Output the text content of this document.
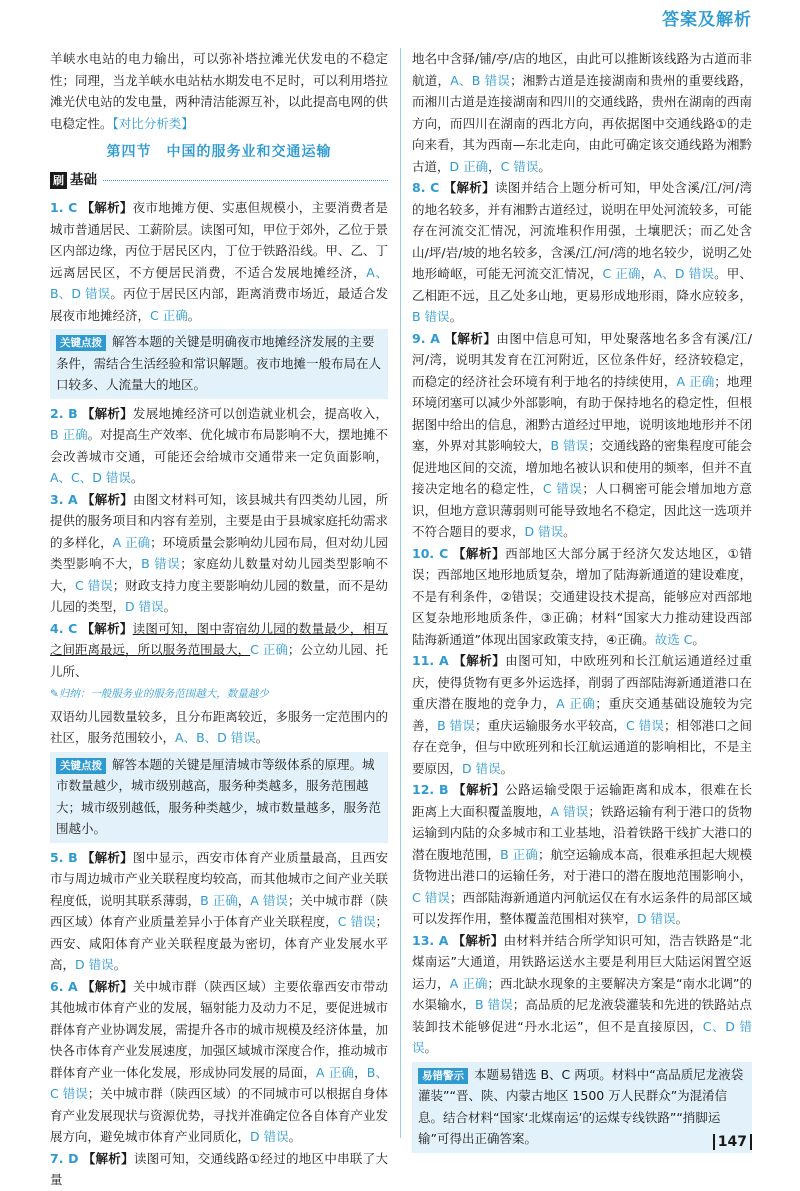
答案及解析

羊峡水电站的电力输出，可以弥补塔拉滩光伏发电的不稳定性；同理，当龙羊峡水电站枯水期发电不足时，可以利用塔拉滩光伏电站的发电量，两种清洁能源互补，以此提高电网的供电稳定性。【对比分析类】

第四节　中国的服务业和交通运输
刷 基础

1. C 【解析】夜市地摊方便、实惠但规模小，主要消费者是城市普通居民、工薪阶层。读图可知，甲位于郊外，乙位于景区内部边缘，丙位于居民区内，丁位于铁路沿线。甲、乙、丁远离居民区，不方便居民消费，不适合发展地摊经济，A、B、D 错误。丙位于居民区内部，距离消费市场近，最适合发展夜市地摊经济，C 正确。

关键点拨 解答本题的关键是明确夜市地摊经济发展的主要条件，需结合生活经验和常识解题。夜市地摊一般布局在人口较多、人流量大的地区。

2. B 【解析】发展地摊经济可以创造就业机会，提高收入，B 正确。对提高生产效率、优化城市布局影响不大，摆地摊不会改善城市交通，可能还会给城市交通带来一定负面影响，A、C、D 错误。

3. A 【解析】由图文材料可知，该县城共有四类幼儿园，所提供的服务项目和内容有差别，主要是由于县城家庭托幼需求的多样化，A 正确；环境质量会影响幼儿园布局，但对幼儿园类型影响不大，B 错误；家庭幼儿数量对幼儿园类型影响不大，C 错误；财政支持力度主要影响幼儿园的数量，而不是幼儿园的类型，D 错误。

4. C 【解析】读图可知，图中寄宿幼儿园的数量最少，相互之间距离最远，所以服务范围最大，C 正确；公立幼儿园、托儿所、
✎归纳：一般服务业的服务范围越大，数量越少
双语幼儿园数量较多，且分布距离较近，多服务一定范围内的社区，服务范围较小，A、B、D 错误。

关键点拨 解答本题的关键是厘清城市等级体系的原理。城市数量越少，城市级别越高，服务种类越多，服务范围越大；城市级别越低，服务种类越少，城市数量越多，服务范围越小。

5. B 【解析】图中显示，西安市体育产业质量最高，且西安市与周边城市产业关联程度均较高，而其他城市之间产业关联程度低，说明其联系薄弱，B 正确，A 错误；关中城市群（陕西区域）体育产业质量差异小于体育产业关联程度，C 错误；西安、咸阳体育产业关联程度最为密切，体育产业发展水平高，D 错误。

6. A 【解析】关中城市群（陕西区域）主要依靠西安市带动其他城市体育产业的发展，辐射能力及动力不足，要促进城市群体育产业协调发展，需提升各市的城市规模及经济体量，加快各市体育产业发展速度，加强区域城市深度合作，推动城市群体育产业一体化发展，形成协同发展的局面，A 正确，B、C 错误；关中城市群（陕西区域）的不同城市可以根据自身体育产业发展现状与资源优势，寻找并准确定位各自体育产业发展方向，避免城市体育产业同质化，D 错误。

7. D 【解析】读图可知，交通线路①经过的地区中串联了大量

地名中含驿/铺/亭/店的地区，由此可以推断该线路为古道而非航道，A、B 错误；湘黔古道是连接湖南和贵州的重要线路，而湘川古道是连接湖南和四川的交通线路，贵州在湖南的西南方向，而四川在湖南的西北方向，再依据图中交通线路①的走向来看，其为西南—东北走向，由此可确定该交通线路为湘黔古道，D 正确，C 错误。

8. C 【解析】读图并结合上题分析可知，甲处含溪/江/河/湾的地名较多，并有湘黔古道经过，说明在甲处河流较多，可能存在河流交汇情况，河流堆积作用强，土壤肥沃；而乙处含山/坪/岩/坡的地名较多，含溪/江/河/湾的地名较少，说明乙处地形崎岖，可能无河流交汇情况，C 正确，A、D 错误。甲、乙相距不远，且乙处多山地，更易形成地形雨，降水应较多，B 错误。

9. A 【解析】由图中信息可知，甲处聚落地名多含有溪/江/河/湾，说明其发育在江河附近，区位条件好，经济较稳定，而稳定的经济社会环境有利于地名的持续使用，A 正确；地理环境闭塞可以减少外部影响，有助于保持地名的稳定性，但根据图中给出的信息，湘黔古道经过甲地，说明该地地形并不闭塞，外界对其影响较大，B 错误；交通线路的密集程度可能会促进地区间的交流，增加地名被认识和使用的频率，但并不直接决定地名的稳定性，C 错误；人口稠密可能会增加地方意识，但地方意识薄弱则可能导致地名不稳定，因此这一选项并不符合题目的要求，D 错误。

10. C 【解析】西部地区大部分属于经济欠发达地区，①错误；西部地区地形地质复杂，增加了陆海新通道的建设难度，不是有利条件，②错误；交通建设技术提高，能够应对西部地区复杂地形地质条件，③正确；材料“国家大力推动建设西部陆海新通道”体现出国家政策支持，④正确。故选 C。

11. A 【解析】由图可知，中欧班列和长江航运通道经过重庆，使得货物有更多外运选择，削弱了西部陆海新通道港口在重庆潜在腹地的竞争力，A 正确；重庆交通基础设施较为完善，B 错误；重庆运输服务水平较高，C 错误；相邻港口之间存在竞争，但与中欧班列和长江航运通道的影响相比，不是主要原因，D 错误。

12. B 【解析】公路运输受限于运输距离和成本，很难在长距离上大面积覆盖腹地，A 错误；铁路运输有利于港口的货物运输到内陆的众多城市和工业基地，沿着铁路干线扩大港口的潜在腹地范围，B 正确；航空运输成本高，很难承担起大规模货物进出港口的运输任务，对于港口的潜在腹地范围影响小，C 错误；西部陆海新通道内河航运仅在有水运条件的局部区域可以发挥作用，整体覆盖范围相对狭窄，D 错误。

13. A 【解析】由材料并结合所学知识可知，浩吉铁路是“北煤南运”大通道，用铁路运送水主要是利用巨大陆运闲置空返运力，A 正确；西北缺水现象的主要解决方案是“南水北调”的水渠输水，B 错误；高品质的尼龙液袋灌装和先进的铁路站点装卸技术能够促进“丹水北运”，但不是直接原因，C、D 错误。

易错警示 本题易错选 B、C 两项。材料中“高品质尼龙液袋灌装”“晋、陕、内蒙古地区 1500 万人民群众”为混淆信息。结合材料“国家‘北煤南运’的运煤专线铁路”“捎脚运输”可得出正确答案。	147
